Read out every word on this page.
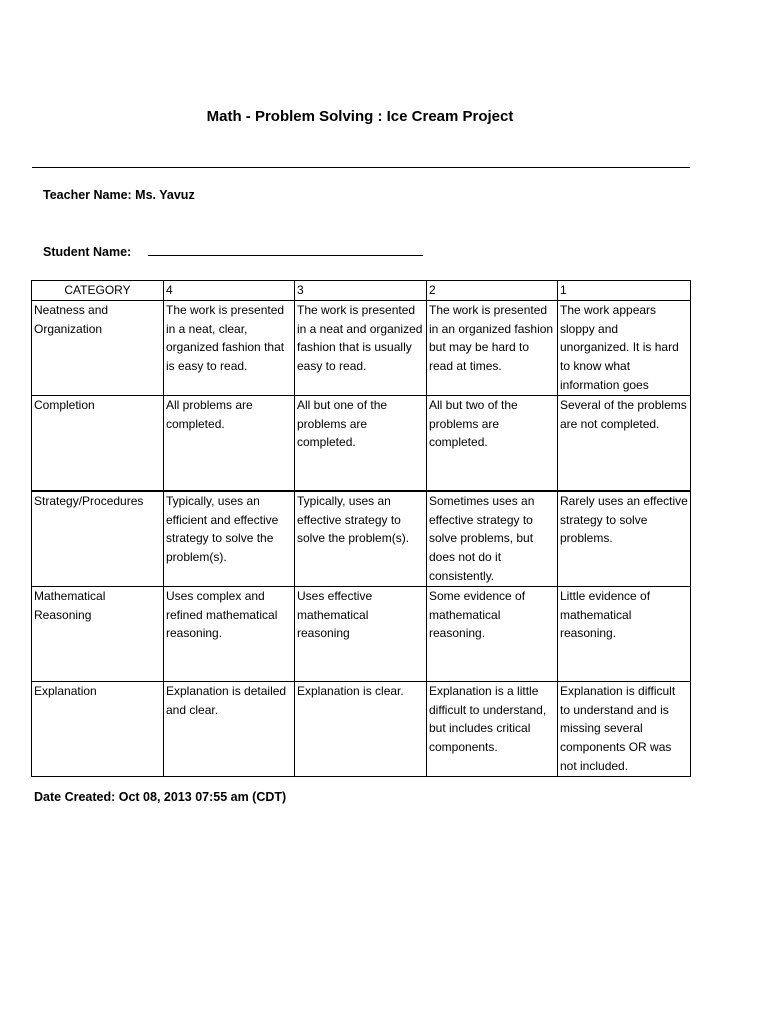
Math - Problem Solving : Ice Cream Project
Teacher Name: Ms. Yavuz
Student Name:
CATEGORY	4	3	2	1
Neatness and Organization	The work is presented in a neat, clear, organized fashion that is easy to read.	The work is presented in a neat and organized fashion that is usually easy to read.	The work is presented in an organized fashion but may be hard to read at times.	The work appears sloppy and unorganized. It is hard to know what information goes
Completion	All problems are completed.	All but one of the problems are completed.	All but two of the problems are completed.	Several of the problems are not completed.
Strategy/Procedures	Typically, uses an efficient and effective strategy to solve the problem(s).	Typically, uses an effective strategy to solve the problem(s).	Sometimes uses an effective strategy to solve problems, but does not do it consistently.	Rarely uses an effective strategy to solve problems.
Mathematical Reasoning	Uses complex and refined mathematical reasoning.	Uses effective mathematical reasoning	Some evidence of mathematical reasoning.	Little evidence of mathematical reasoning.
Explanation	Explanation is detailed and clear.	Explanation is clear.	Explanation is a little difficult to understand, but includes critical components.	Explanation is difficult to understand and is missing several components OR was not included.
Date Created: Oct 08, 2013 07:55 am (CDT)
